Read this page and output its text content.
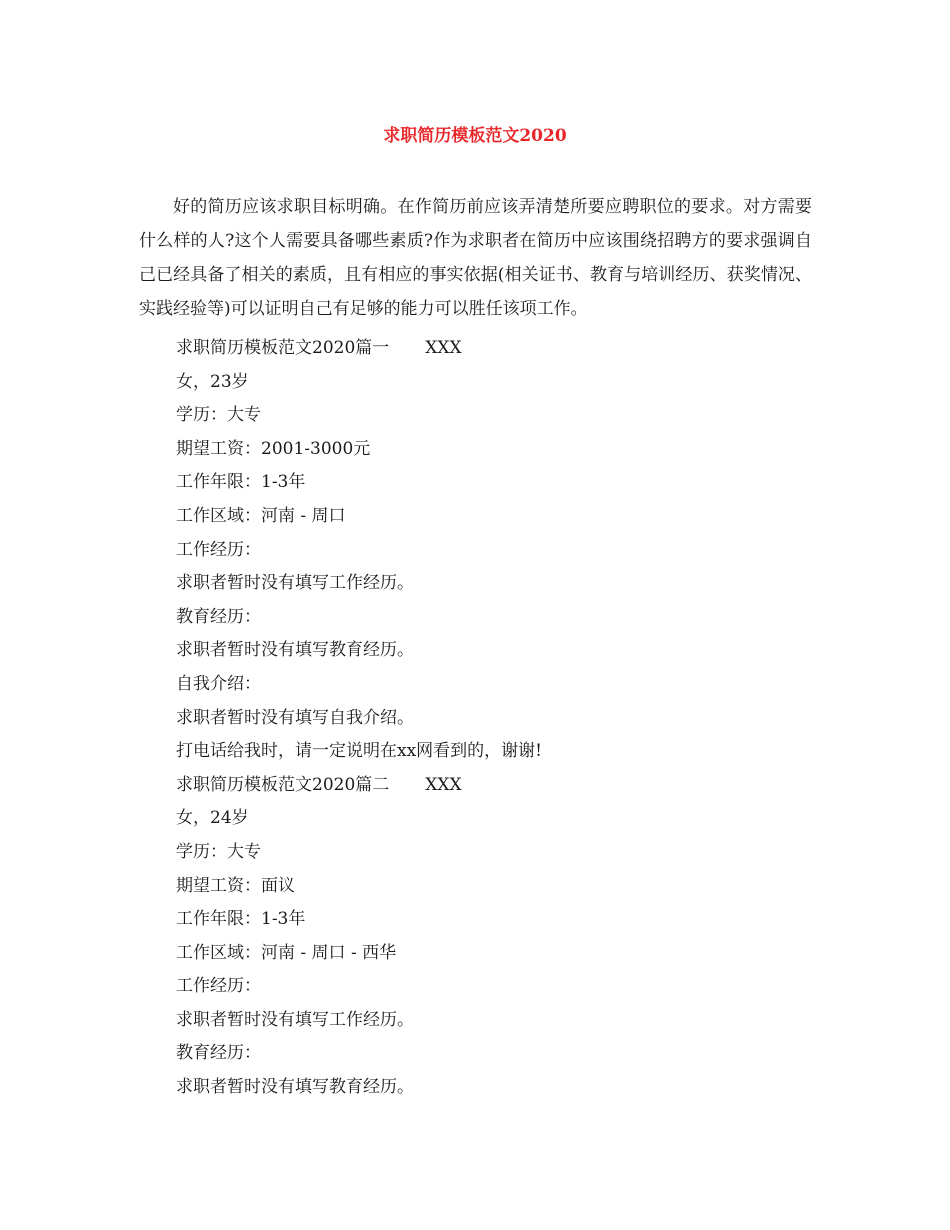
求职简历模板范文2020
好的简历应该求职目标明确。在作简历前应该弄清楚所要应聘职位的要求。对方需要什么样的人?这个人需要具备哪些素质?作为求职者在简历中应该围绕招聘方的要求强调自己已经具备了相关的素质，且有相应的事实依据(相关证书、教育与培训经历、获奖情况、实践经验等)可以证明自己有足够的能力可以胜任该项工作。
求职简历模板范文2020篇一 XXX
女，23岁
学历：大专
期望工资：2001-3000元
工作年限：1-3年
工作区域：河南 - 周口
工作经历：
求职者暂时没有填写工作经历。
教育经历：
求职者暂时没有填写教育经历。
自我介绍：
求职者暂时没有填写自我介绍。
打电话给我时，请一定说明在xx网看到的，谢谢!
求职简历模板范文2020篇二 XXX
女，24岁
学历：大专
期望工资：面议
工作年限：1-3年
工作区域：河南 - 周口 - 西华
工作经历：
求职者暂时没有填写工作经历。
教育经历：
求职者暂时没有填写教育经历。
